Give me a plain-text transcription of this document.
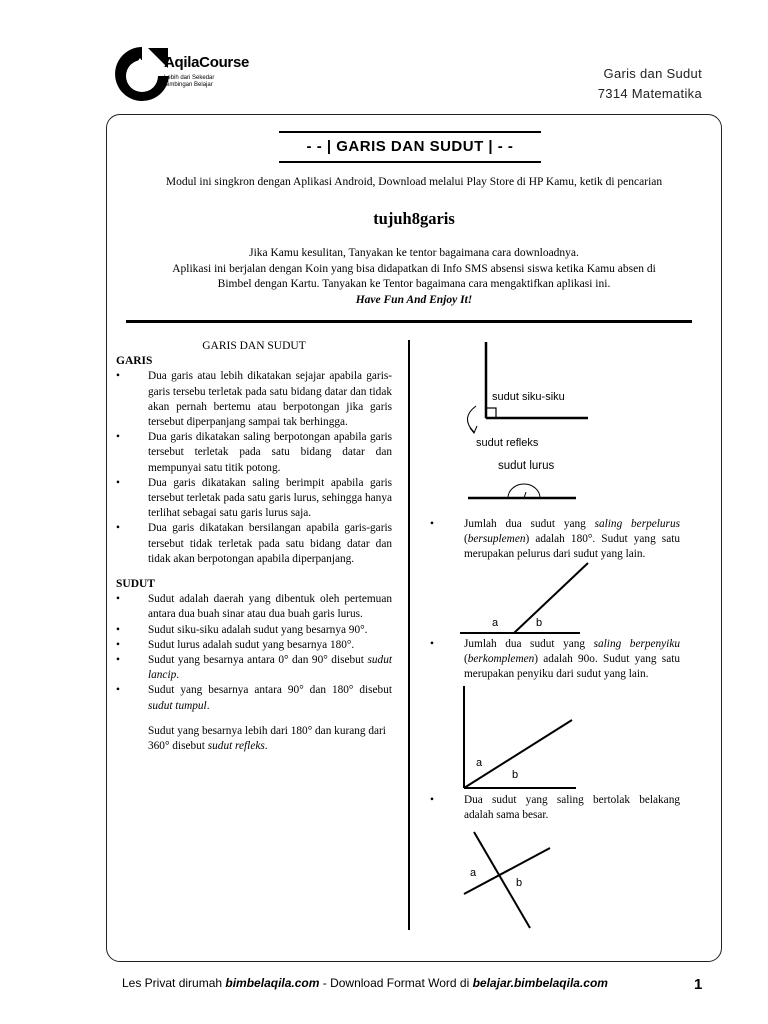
AqilaCourse
Lebih dari Sekedar
Bimbingan Belajar
Garis dan Sudut
7314 Matematika
- - | GARIS DAN SUDUT | - -
Modul ini singkron dengan Aplikasi Android, Download melalui Play Store di HP Kamu, ketik di pencarian
tujuh8garis
Jika Kamu kesulitan, Tanyakan ke tentor bagaimana cara downloadnya.
Aplikasi ini berjalan dengan Koin yang bisa didapatkan di Info SMS absensi siswa ketika Kamu absen di
Bimbel dengan Kartu. Tanyakan ke Tentor bagaimana cara mengaktifkan aplikasi ini.
Have Fun And Enjoy It!
GARIS DAN SUDUT
GARIS
• Dua garis atau lebih dikatakan sejajar apabila garis-garis tersebu terletak pada satu bidang datar dan tidak akan pernah bertemu atau berpotongan jika garis tersebut diperpanjang sampai tak berhingga.
• Dua garis dikatakan saling berpotongan apabila garis tersebut terletak pada satu bidang datar dan mempunyai satu titik potong.
• Dua garis dikatakan saling berimpit apabila garis tersebut terletak pada satu garis lurus, sehingga hanya terlihat sebagai satu garis lurus saja.
• Dua garis dikatakan bersilangan apabila garis-garis tersebut tidak terletak pada satu bidang datar dan tidak akan berpotongan apabila diperpanjang.
SUDUT
• Sudut adalah daerah yang dibentuk oleh pertemuan antara dua buah sinar atau dua buah garis lurus.
• Sudut siku-siku adalah sudut yang besarnya 90°.
• Sudut lurus adalah sudut yang besarnya 180°.
• Sudut yang besarnya antara 0° dan 90° disebut sudut lancip.
• Sudut yang besarnya antara 90° dan 180° disebut sudut tumpul.
Sudut yang besarnya lebih dari 180° dan kurang dari 360° disebut sudut refleks.
sudut siku-siku
sudut refleks
sudut lurus
•	Jumlah dua sudut yang saling berpelurus (bersuplemen) adalah 180°. Sudut yang satu merupakan pelurus dari sudut yang lain.
a	b
•	Jumlah dua sudut yang saling berpenyiku (berkomplemen) adalah 90o. Sudut yang satu merupakan penyiku dari sudut yang lain.
a
b
•	Dua sudut yang saling bertolak belakang adalah sama besar.
a
b
Les Privat dirumah bimbelaqila.com - Download Format Word di belajar.bimbelaqila.com	1
